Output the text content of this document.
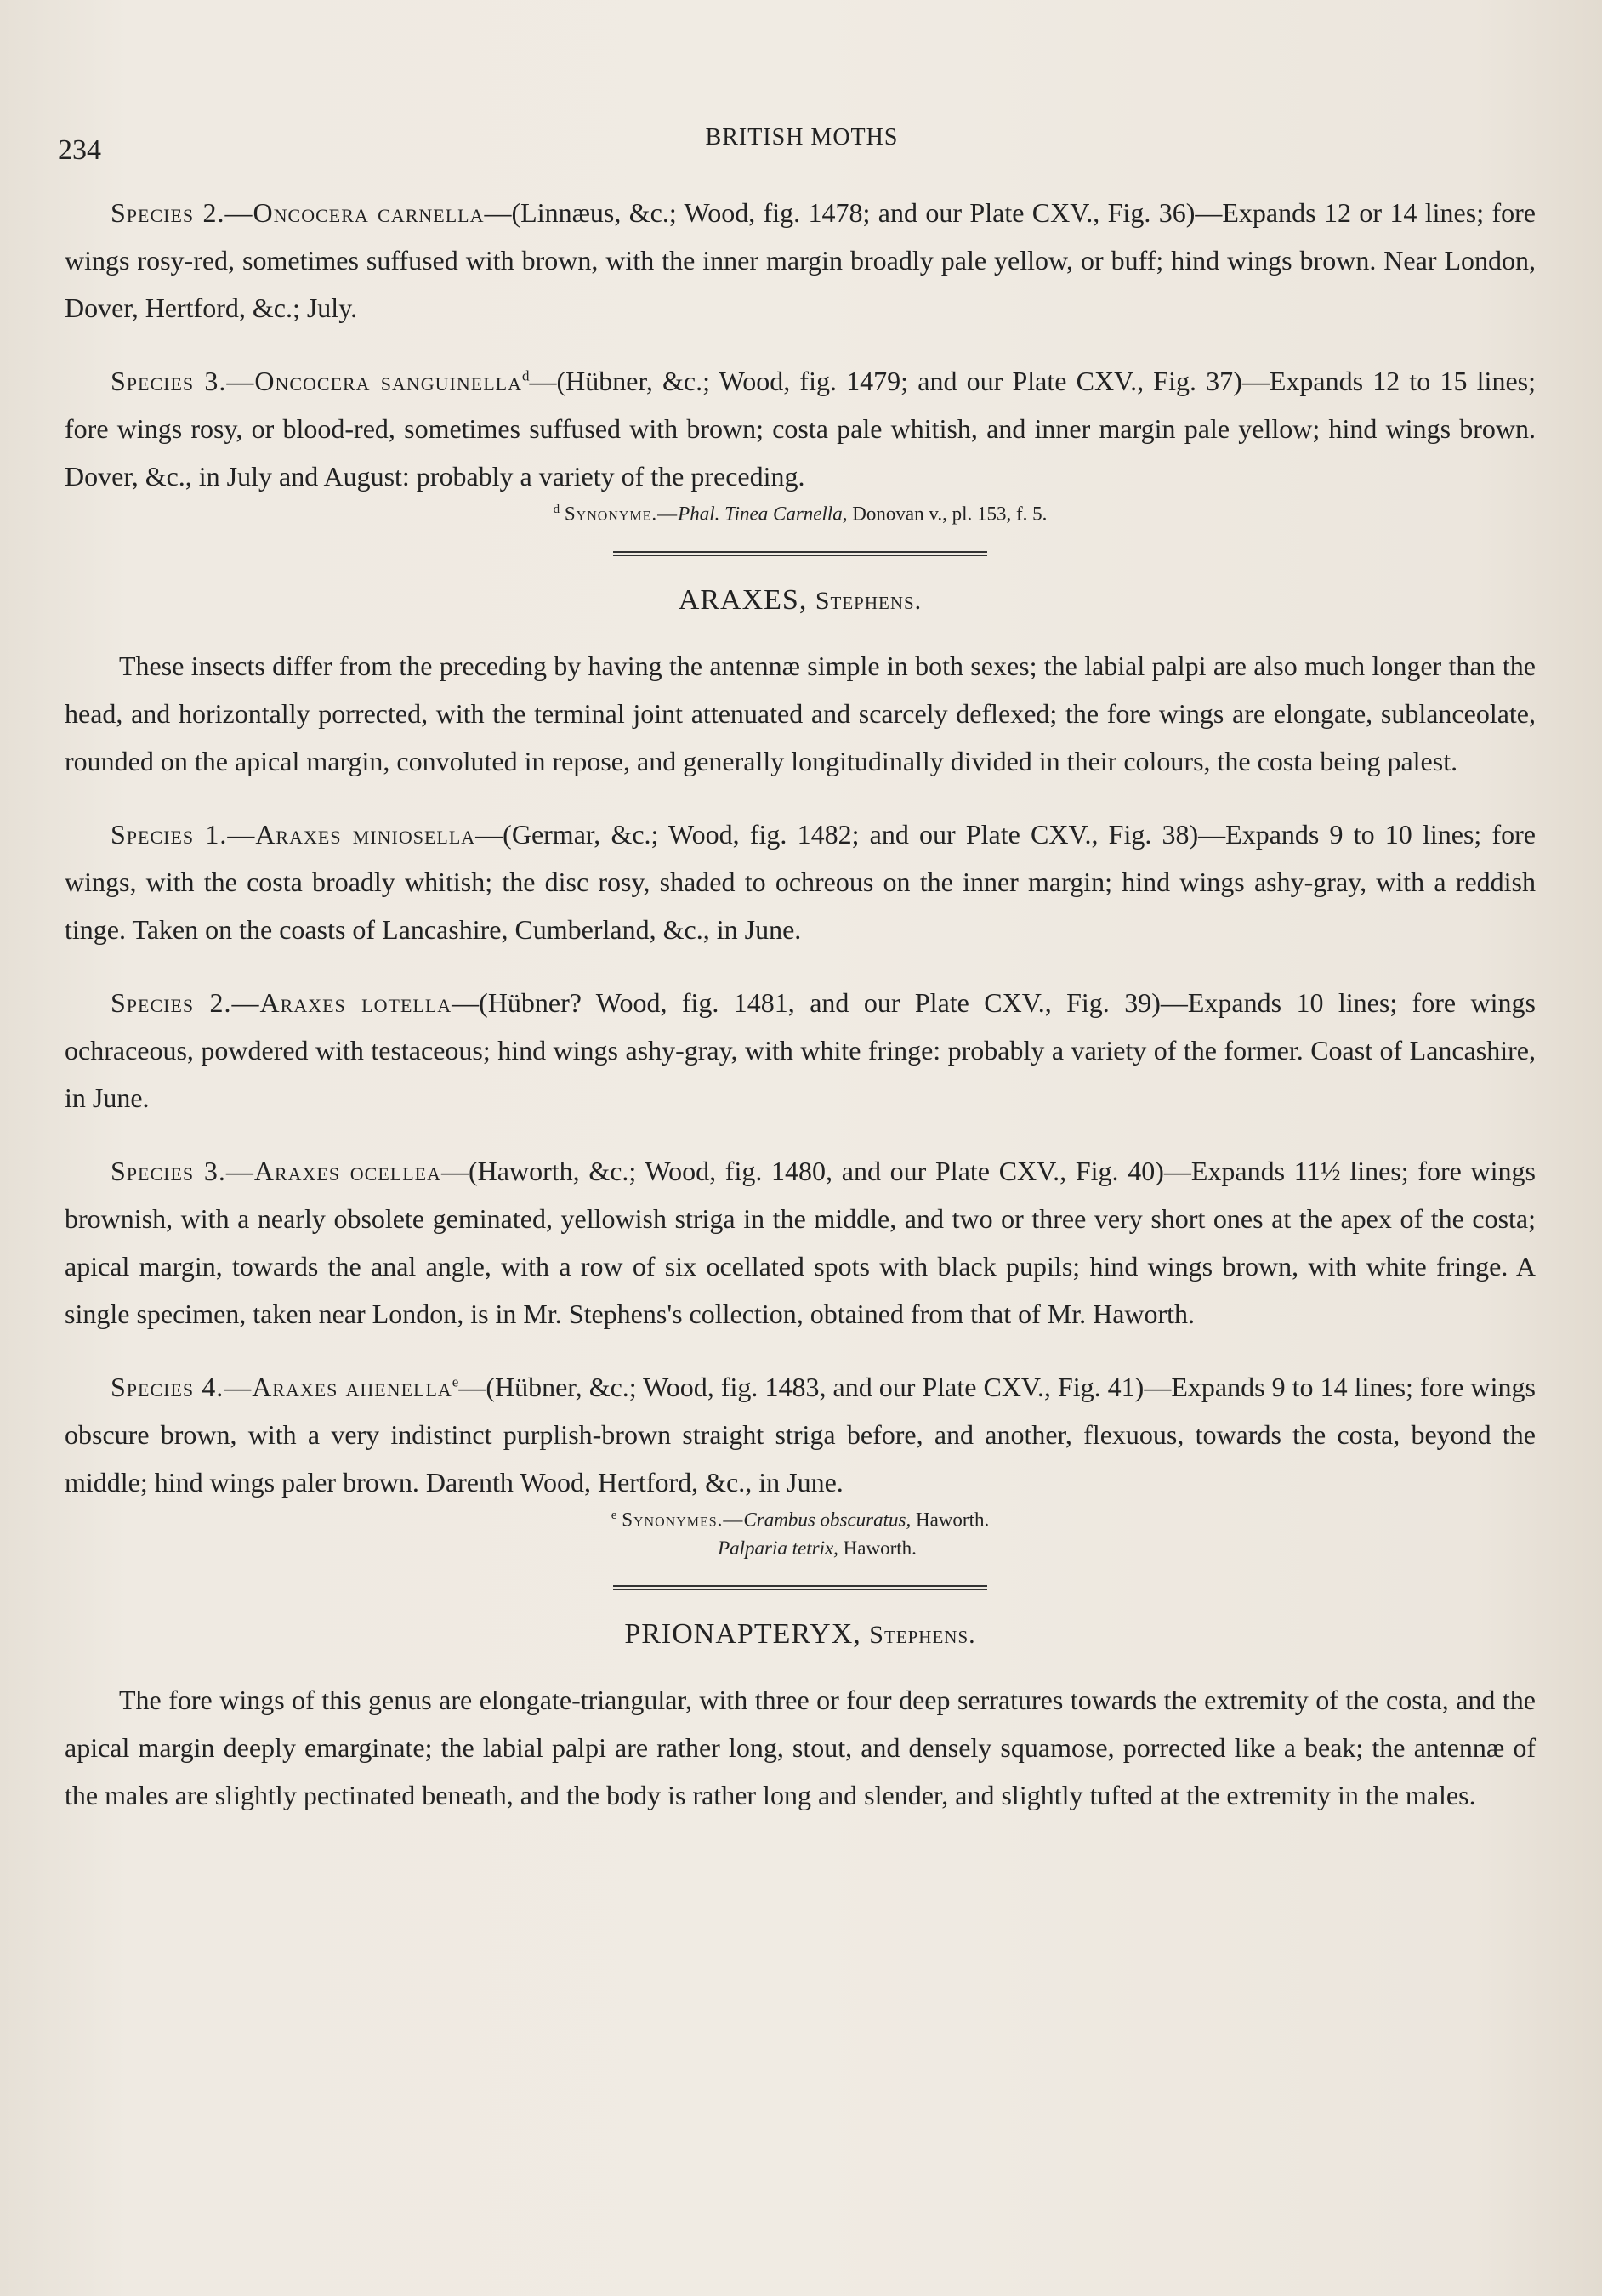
234	BRITISH MOTHS

Species 2.—Oncocera carnella—(Linnæus, &c.; Wood, fig. 1478; and our Plate CXV., Fig. 36)—Expands 12 or 14 lines; fore wings rosy-red, sometimes suffused with brown, with the inner margin broadly pale yellow, or buff; hind wings brown. Near London, Dover, Hertford, &c.; July.

Species 3.—Oncocera sanguinella$^d$—(Hübner, &c.; Wood, fig. 1479; and our Plate CXV., Fig. 37)—Expands 12 to 15 lines; fore wings rosy, or blood-red, sometimes suffused with brown; costa pale whitish, and inner margin pale yellow; hind wings brown. Dover, &c., in July and August: probably a variety of the preceding.

$^d$ Synonyme.—Phal. Tinea Carnella, Donovan v., pl. 153, f. 5.
ARAXES, Stephens.

These insects differ from the preceding by having the antennæ simple in both sexes; the labial palpi are also much longer than the head, and horizontally porrected, with the terminal joint attenuated and scarcely deflexed; the fore wings are elongate, sublanceolate, rounded on the apical margin, convoluted in repose, and generally longitudinally divided in their colours, the costa being palest.

Species 1.—Araxes miniosella—(Germar, &c.; Wood, fig. 1482; and our Plate CXV., Fig. 38)—Expands 9 to 10 lines; fore wings, with the costa broadly whitish; the disc rosy, shaded to ochreous on the inner margin; hind wings ashy-gray, with a reddish tinge. Taken on the coasts of Lancashire, Cumberland, &c., in June.

Species 2.—Araxes lotella—(Hübner? Wood, fig. 1481, and our Plate CXV., Fig. 39)—Expands 10 lines; fore wings ochraceous, powdered with testaceous; hind wings ashy-gray, with white fringe: probably a variety of the former. Coast of Lancashire, in June.

Species 3.—Araxes ocellea—(Haworth, &c.; Wood, fig. 1480, and our Plate CXV., Fig. 40)—Expands 11½ lines; fore wings brownish, with a nearly obsolete geminated, yellowish striga in the middle, and two or three very short ones at the apex of the costa; apical margin, towards the anal angle, with a row of six ocellated spots with black pupils; hind wings brown, with white fringe. A single specimen, taken near London, is in Mr. Stephens's collection, obtained from that of Mr. Haworth.

Species 4.—Araxes ahenella$^e$—(Hübner, &c.; Wood, fig. 1483, and our Plate CXV., Fig. 41)—Expands 9 to 14 lines; fore wings obscure brown, with a very indistinct purplish-brown straight striga before, and another, flexuous, towards the costa, beyond the middle; hind wings paler brown. Darenth Wood, Hertford, &c., in June.

$^e$ Synonymes.—Crambus obscuratus, Haworth.
Palparia tetrix, Haworth.
PRIONAPTERYX, Stephens.

The fore wings of this genus are elongate-triangular, with three or four deep serratures towards the extremity of the costa, and the apical margin deeply emarginate; the labial palpi are rather long, stout, and densely squamose, porrected like a beak; the antennæ of the males are slightly pectinated beneath, and the body is rather long and slender, and slightly tufted at the extremity in the males.
